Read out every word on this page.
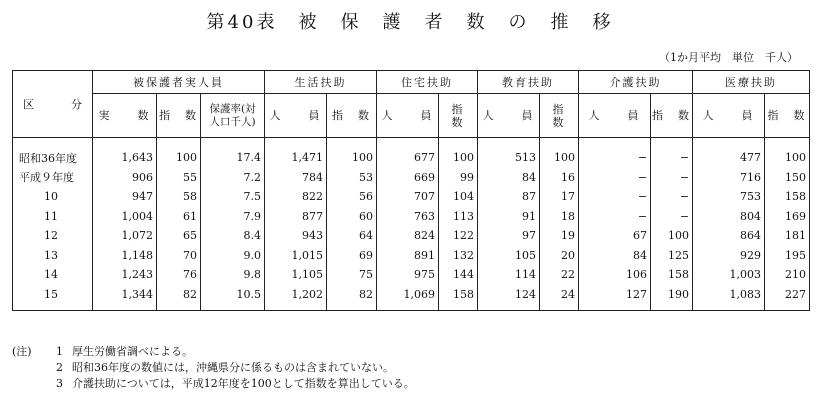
第40表　被　保　護　者　数　の　推　移
（1か月平均　単位　千人）
区 分	被保護者実人員			生活扶助		住宅扶助		教育扶助		介護扶助		医療扶助	
	実　　数	指　数	保護率(対
人口千人)	人　　員	指　数	人　　員	指　数	人　　員	指　数	人　　員	指　数	人　　員	指　数
昭和36年度	1,643	100	17.4	1,471	100	677	100	513	100	−	−	477	100
平成９年度	906	55	7.2	784	53	669	99	84	16	−	−	716	150
10	947	58	7.5	822	56	707	104	87	17	−	−	753	158
11	1,004	61	7.9	877	60	763	113	91	18	−	−	804	169
12	1,072	65	8.4	943	64	824	122	97	19	67	100	864	181
13	1,148	70	9.0	1,015	69	891	132	105	20	84	125	929	195
14	1,243	76	9.8	1,105	75	975	144	114	22	106	158	1,003	210
15	1,344	82	10.5	1,202	82	1,069	158	124	24	127	190	1,083	227
(注)	1 厚生労働省調べによる。
2 昭和36年度の数値には，沖縄県分に係るものは含まれていない。
3 介護扶助については，平成12年度を100として指数を算出している。
